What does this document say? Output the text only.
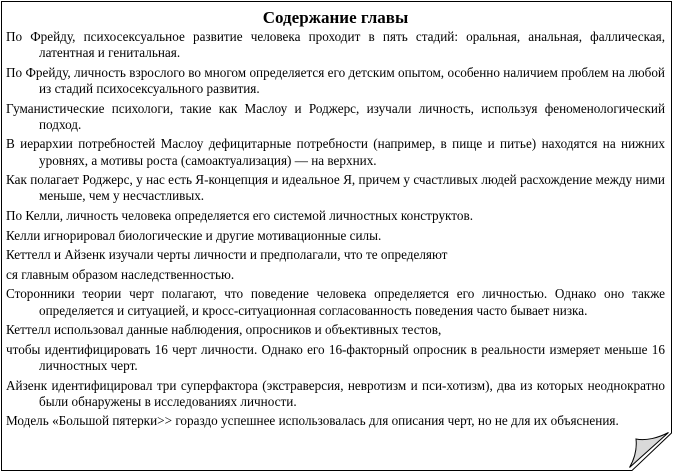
Содержание главы
По Фрейду, психосексуальное развитие человека проходит в пять стадий: оральная, анальная, фаллическая, латентная и генитальная.
По Фрейду, личность взрослого во многом определяется его детским опытом, особенно наличием проблем на любой из стадий психосексуального развития.
Гуманистические психологи, такие как Маслоу и Роджерс, изучали личность, используя феноменологический подход.
В иерархии потребностей Маслоу дефицитарные потребности (например, в пище и питье) находятся на нижних уровнях, а мотивы роста (самоактуализация) — на верхних.
Как полагает Роджерс, у нас есть Я-концепция и идеальное Я, причем у счастливых людей расхождение между ними меньше, чем у несчастливых.
По Келли, личность человека определяется его системой личностных конструктов.
Келли игнорировал биологические и другие мотивационные силы.
Кеттелл и Айзенк изучали черты личности и предполагали, что те определяют
ся главным образом наследственностью.
Сторонники теории черт полагают, что поведение человека определяется его личностью. Однако оно также определяется и ситуацией, и кросс-ситуационная согласованность поведения часто бывает низка.
Кеттелл использовал данные наблюдения, опросников и объективных тестов,
чтобы идентифицировать 16 черт личности. Однако его 16-факторный опросник в реальности измеряет меньше 16 личностных черт.
Айзенк идентифицировал три суперфактора (экстраверсия, невротизм и пси-хотизм), два из которых неоднократно были обнаружены в исследованиях личности.
Модель «Большой пятерки>> гораздо успешнее использовалась для описания черт, но не для их объяснения.
